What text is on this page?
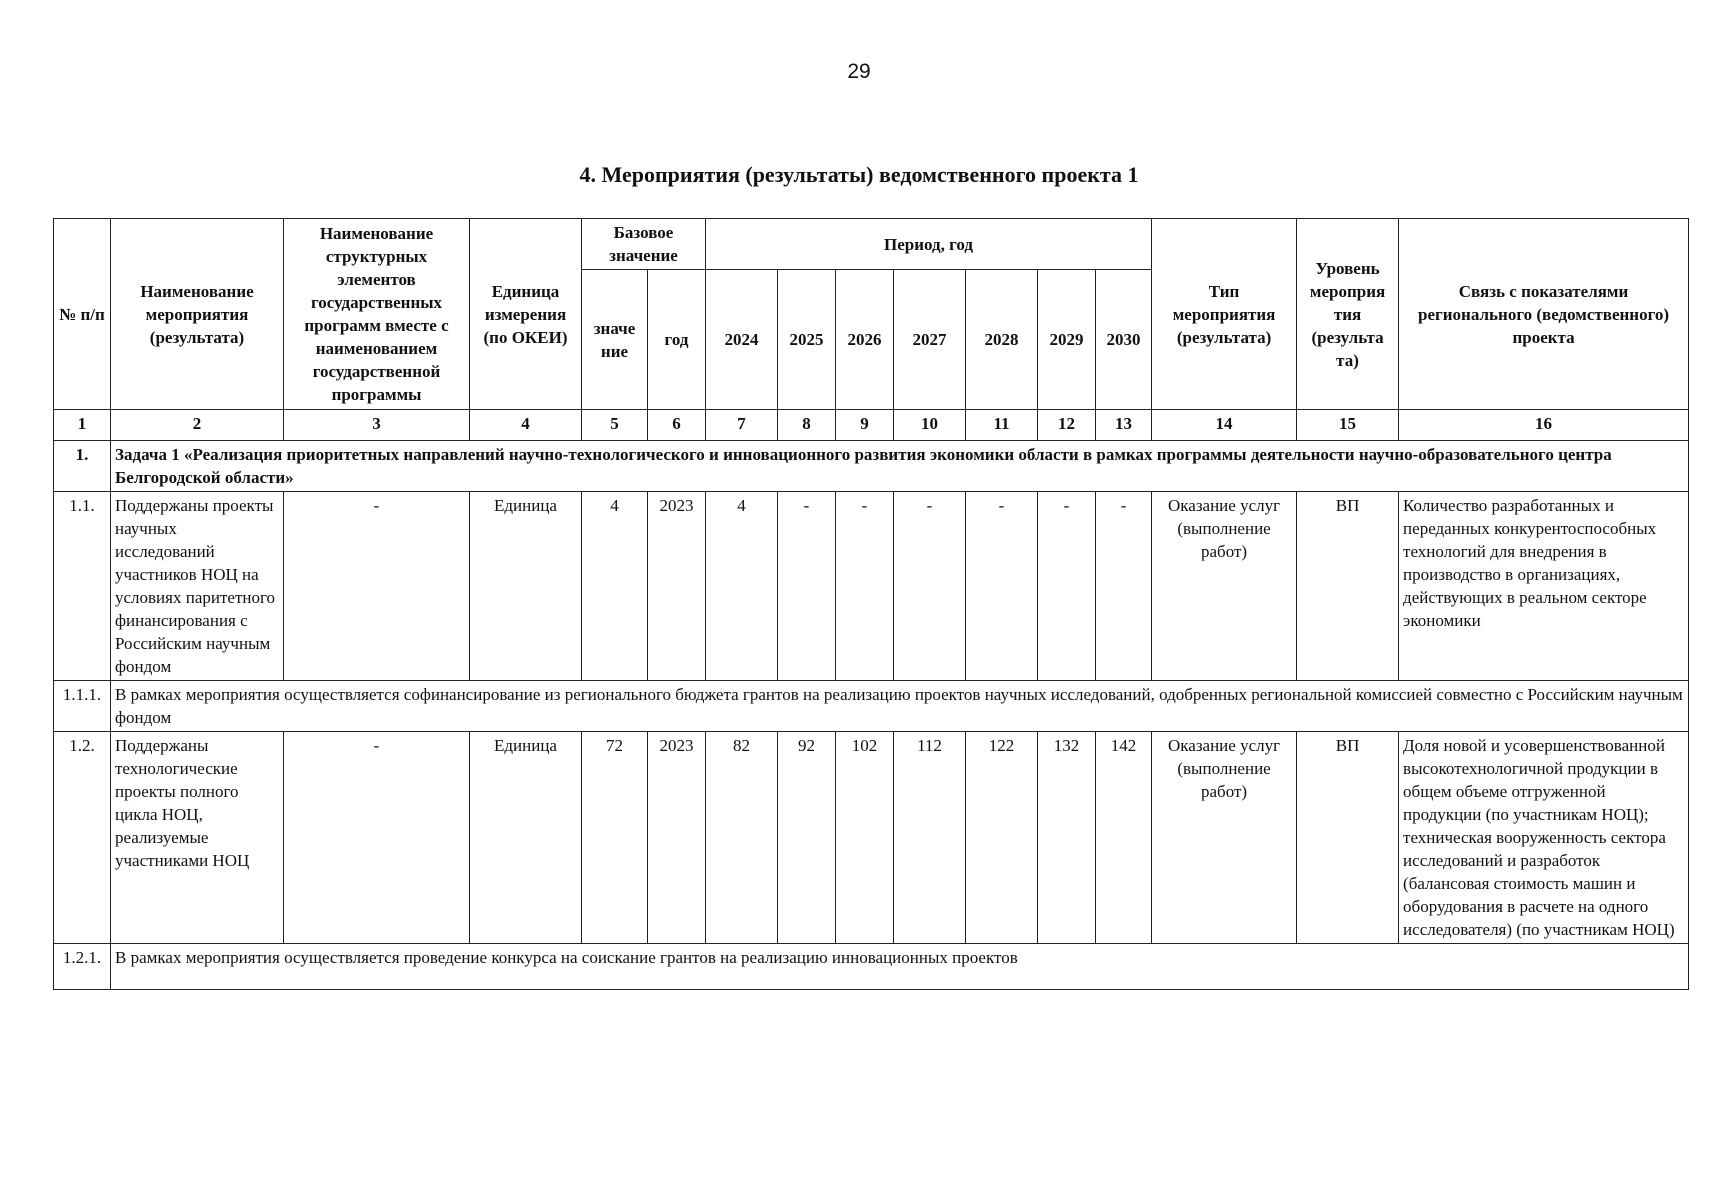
29
4. Мероприятия (результаты) ведомственного проекта 1
№ п/п	Наименование мероприятия (результата)	Наименование структурных элементов государственных программ вместе с наименованием государственной программы	Единица измерения (по ОКЕИ)	Базовое значение		Период, год							Тип мероприятия (результата)	Уровень мероприя тия (результа та)	Связь с показателями регионального (ведомственного) проекта
				значе ние	год	2024	2025	2026	2027	2028	2029	2030			
1	2	3	4	5	6	7	8	9	10	11	12	13	14	15	16
1.	Задача 1 «Реализация приоритетных направлений научно-технологического и инновационного развития экономики области в рамках программы деятельности научно-образовательного центра Белгородской области»														
1.1.	Поддержаны проекты научных исследований участников НОЦ на условиях паритетного финансирования с Российским научным фондом	-	Единица	4	2023	4	-	-	-	-	-	-	Оказание услуг (выполнение работ)	ВП	Количество разработанных и переданных конкурентоспособных технологий для внедрения в производство в организациях, действующих в реальном секторе экономики
1.1.1.	В рамках мероприятия осуществляется софинансирование из регионального бюджета грантов на реализацию проектов научных исследований, одобренных региональной комиссией совместно с Российским научным фондом														
1.2.	Поддержаны технологические проекты полного цикла НОЦ, реализуемые участниками НОЦ	-	Единица	72	2023	82	92	102	112	122	132	142	Оказание услуг (выполнение работ)	ВП	Доля новой и усовершенствованной высокотехнологичной продукции в общем объеме отгруженной продукции (по участникам НОЦ); техническая вооруженность сектора исследований и разработок (балансовая стоимость машин и оборудования в расчете на одного исследователя) (по участникам НОЦ)
1.2.1.	В рамках мероприятия осуществляется проведение конкурса на соискание грантов на реализацию инновационных проектов														
